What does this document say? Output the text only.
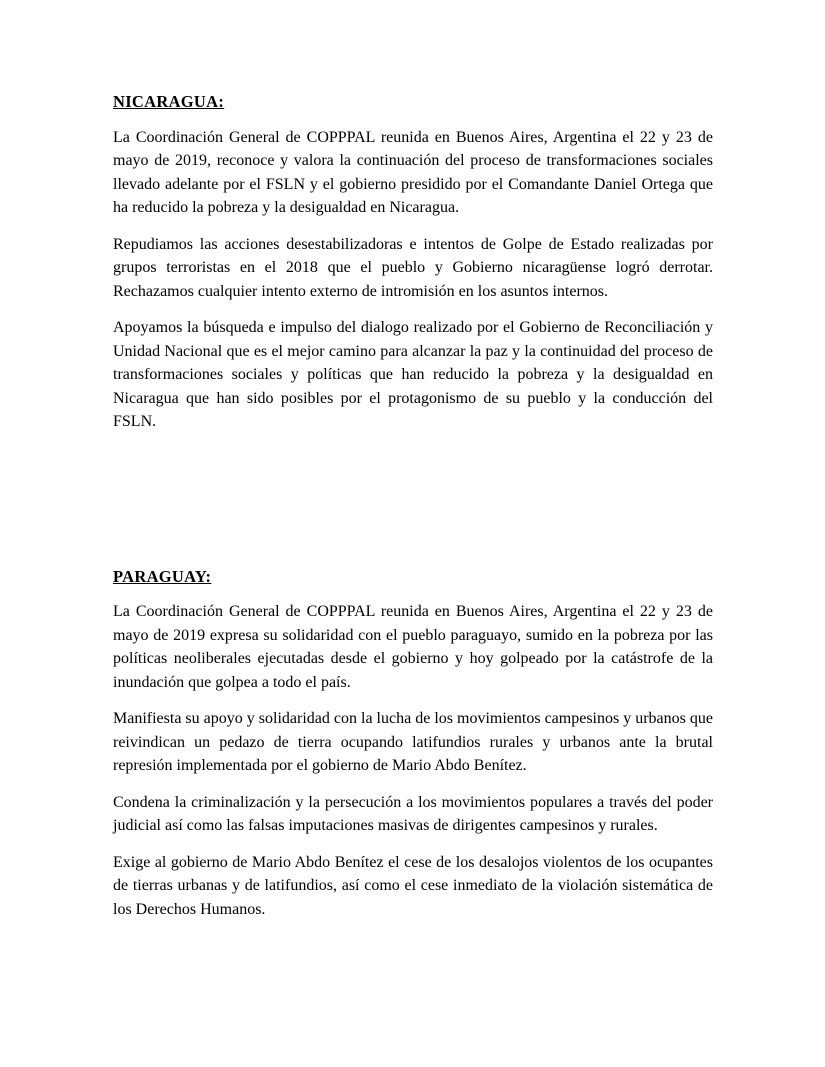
NICARAGUA:

La Coordinación General de COPPPAL reunida en Buenos Aires, Argentina el 22 y 23 de mayo de 2019, reconoce y valora la continuación del proceso de transformaciones sociales llevado adelante por el FSLN y el gobierno presidido por el Comandante Daniel Ortega que ha reducido la pobreza y la desigualdad en Nicaragua.

Repudiamos las acciones desestabilizadoras e intentos de Golpe de Estado realizadas por grupos terroristas en el 2018 que el pueblo y Gobierno nicaragüense logró derrotar. Rechazamos cualquier intento externo de intromisión en los asuntos internos.

Apoyamos la búsqueda e impulso del dialogo realizado por el Gobierno de Reconciliación y Unidad Nacional que es el mejor camino para alcanzar la paz y la continuidad del proceso de transformaciones sociales y políticas que han reducido la pobreza y la desigualdad en Nicaragua que han sido posibles por el protagonismo de su pueblo y la conducción del FSLN.

PARAGUAY:

La Coordinación General de COPPPAL reunida en Buenos Aires, Argentina el 22 y 23 de mayo de 2019 expresa su solidaridad con el pueblo paraguayo, sumido en la pobreza por las políticas neoliberales ejecutadas desde el gobierno y hoy golpeado por la catástrofe de la inundación que golpea a todo el país.

Manifiesta su apoyo y solidaridad con la lucha de los movimientos campesinos y urbanos que reivindican un pedazo de tierra ocupando latifundios rurales y urbanos ante la brutal represión implementada por el gobierno de Mario Abdo Benítez.

Condena la criminalización y la persecución a los movimientos populares a través del poder judicial así como las falsas imputaciones masivas de dirigentes campesinos y rurales.

Exige al gobierno de Mario Abdo Benítez el cese de los desalojos violentos de los ocupantes de tierras urbanas y de latifundios, así como el cese inmediato de la violación sistemática de los Derechos Humanos.
